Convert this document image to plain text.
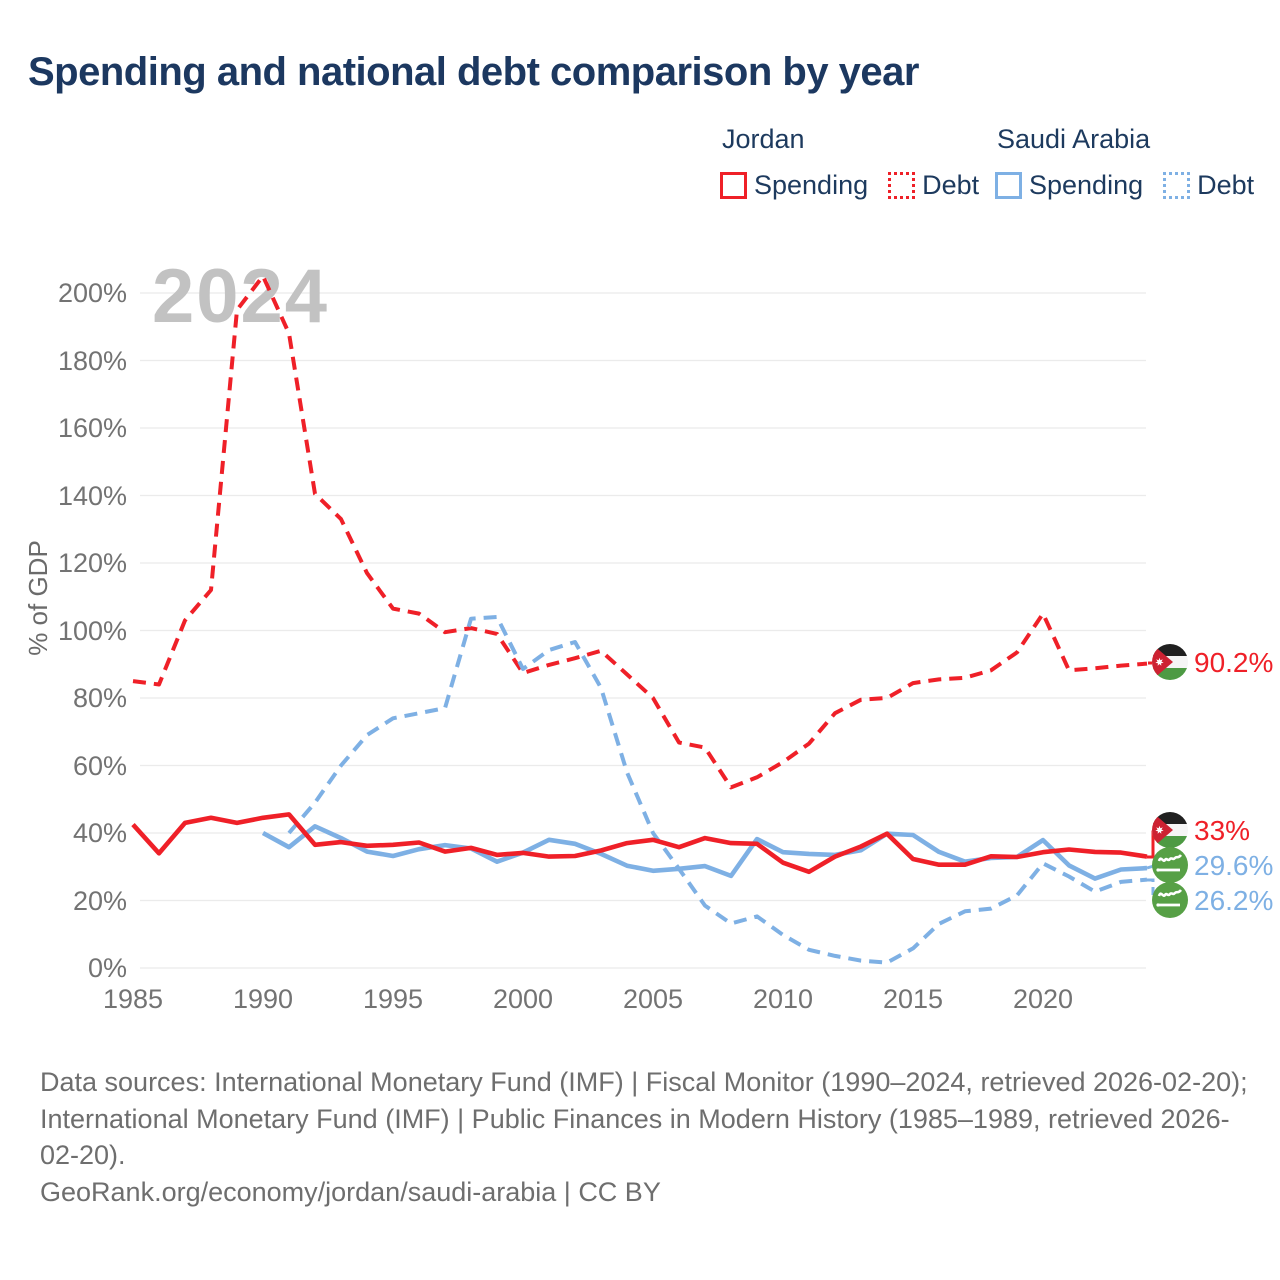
Spending and national debt comparison by year

Jordan

Spending Debt

Saudi Arabia

Spending Debt
2024
% of GDP
0%
20%
40%
60%
80%
100%
120%
140%
160%
180%
200%
1985	1990	1995	2000	2005	2010	2015	2020
90.2%
33%
29.6%
26.2%

Data sources: International Monetary Fund (IMF) | Fiscal Monitor (1990–2024, retrieved 2026-02-20); International Monetary Fund (IMF) | Public Finances in Modern History (1985–1989, retrieved 2026-02-20).

GeoRank.org/economy/jordan/saudi-arabia | CC BY
